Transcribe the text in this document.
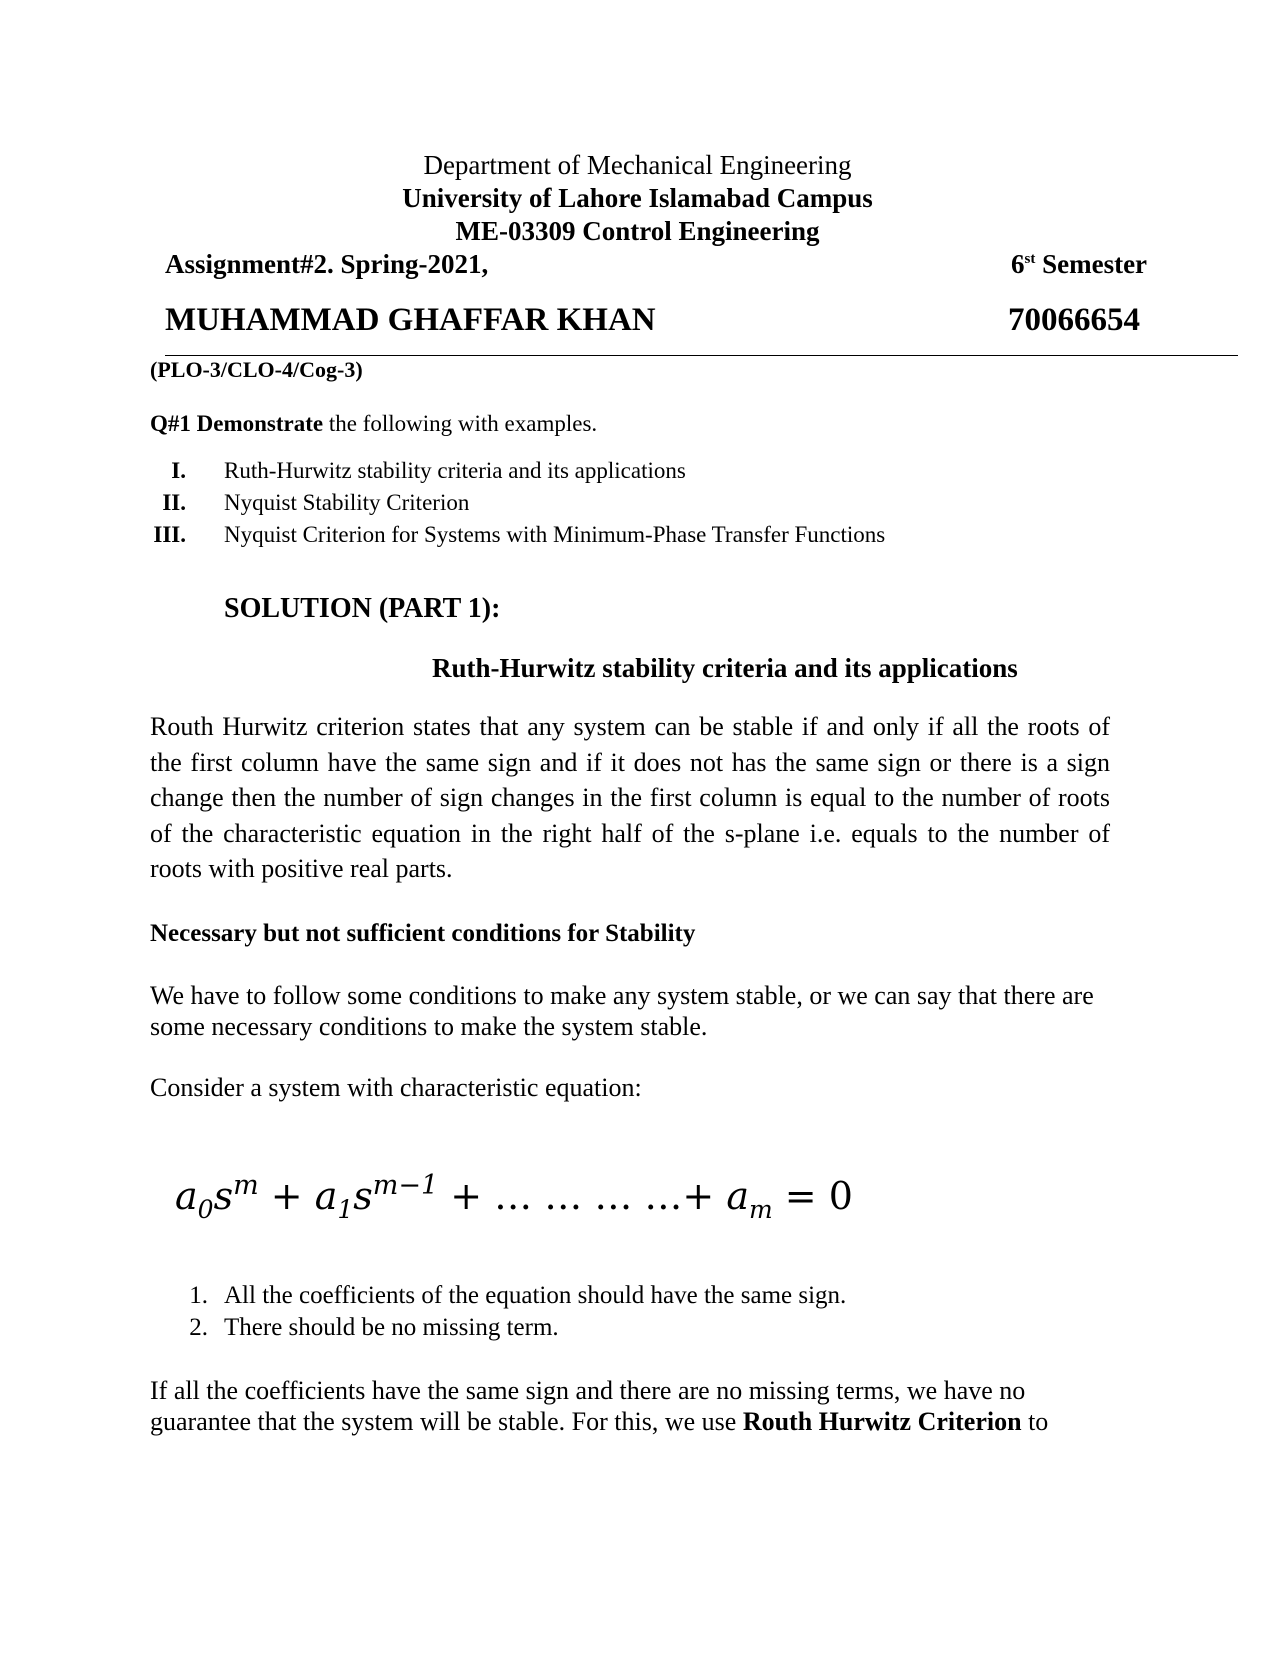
Department of Mechanical Engineering
University of Lahore Islamabad Campus
ME-03309 Control Engineering
Assignment#2. Spring-2021,	6st Semester
MUHAMMAD GHAFFAR KHAN	70066654
(PLO-3/CLO-4/Cog-3)
Q#1 Demonstrate the following with examples.
I. Ruth-Hurwitz stability criteria and its applications
II. Nyquist Stability Criterion
III. Nyquist Criterion for Systems with Minimum-Phase Transfer Functions
SOLUTION (PART 1):
Ruth-Hurwitz stability criteria and its applications

Routh Hurwitz criterion states that any system can be stable if and only if all the roots of the first column have the same sign and if it does not has the same sign or there is a sign change then the number of sign changes in the first column is equal to the number of roots of the characteristic equation in the right half of the s-plane i.e. equals to the number of roots with positive real parts.

Necessary but not sufficient conditions for Stability

We have to follow some conditions to make any system stable, or we can say that there are some necessary conditions to make the system stable.

Consider a system with characteristic equation:

$a_0s^m + a_1s^{m-1}$ + … … … …+ $a_m = 0$
1. All the coefficients of the equation should have the same sign.
2. There should be no missing term.

If all the coefficients have the same sign and there are no missing terms, we have no guarantee that the system will be stable. For this, we use Routh Hurwitz Criterion to
